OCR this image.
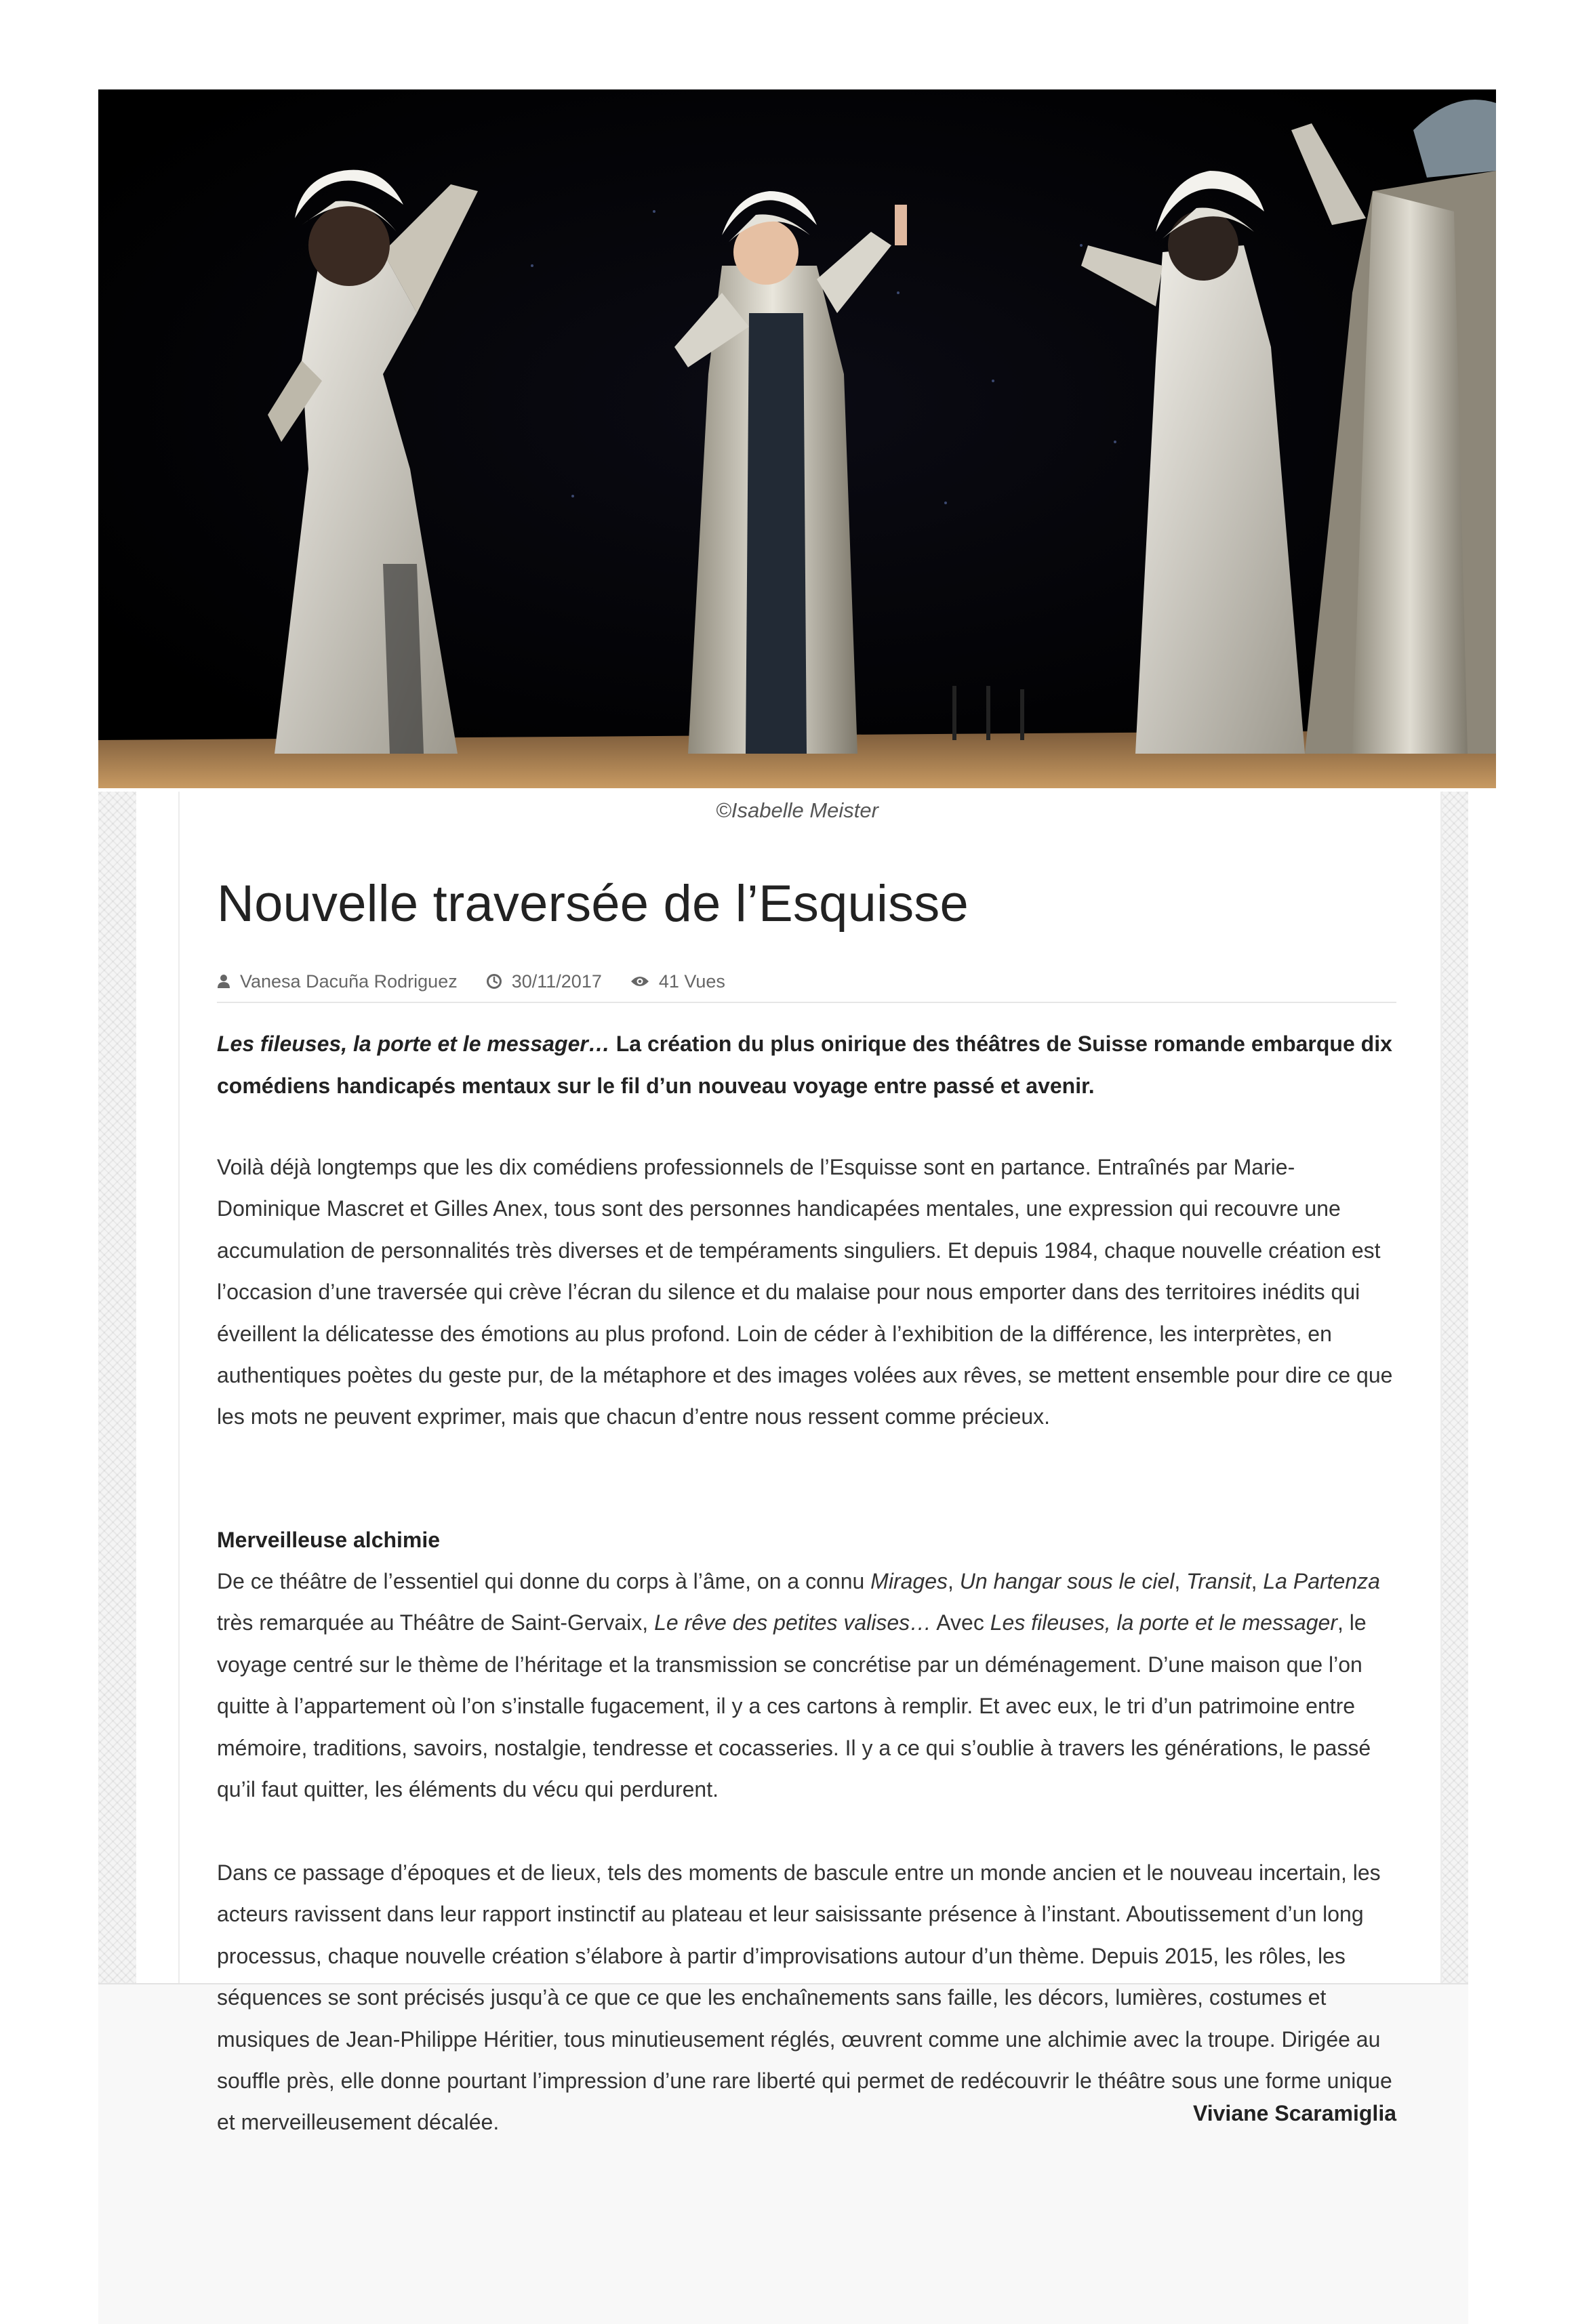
©Isabelle Meister
Nouvelle traversée de l’Esquisse
Vanesa Dacuña Rodriguez	30/11/2017	41 Vues

Les fileuses, la porte et le messager… La création du plus onirique des théâtres de Suisse romande embarque dix comédiens handicapés mentaux sur le fil d’un nouveau voyage entre passé et avenir.

Voilà déjà longtemps que les dix comédiens professionnels de l’Esquisse sont en partance. Entraînés par Marie-Dominique Mascret et Gilles Anex, tous sont des personnes handicapées mentales, une expression qui recouvre une accumulation de personnalités très diverses et de tempéraments singuliers. Et depuis 1984, chaque nouvelle création est l’occasion d’une traversée qui crève l’écran du silence et du malaise pour nous emporter dans des territoires inédits qui éveillent la délicatesse des émotions au plus profond. Loin de céder à l’exhibition de la différence, les interprètes, en authentiques poètes du geste pur, de la métaphore et des images volées aux rêves, se mettent ensemble pour dire ce que les mots ne peuvent exprimer, mais que chacun d’entre nous ressent comme précieux.

Merveilleuse alchimie

De ce théâtre de l’essentiel qui donne du corps à l’âme, on a connu Mirages, Un hangar sous le ciel, Transit, La Partenza très remarquée au Théâtre de Saint-Gervaix, Le rêve des petites valises… Avec Les fileuses, la porte et le messager, le voyage centré sur le thème de l’héritage et la transmission se concrétise par un déménagement. D’une maison que l’on quitte à l’appartement où l’on s’installe fugacement, il y a ces cartons à remplir. Et avec eux, le tri d’un patrimoine entre mémoire, traditions, savoirs, nostalgie, tendresse et cocasseries. Il y a ce qui s’oublie à travers les générations, le passé qu’il faut quitter, les éléments du vécu qui perdurent.

Dans ce passage d’époques et de lieux, tels des moments de bascule entre un monde ancien et le nouveau incertain, les acteurs ravissent dans leur rapport instinctif au plateau et leur saisissante présence à l’instant. Aboutissement d’un long processus, chaque nouvelle création s’élabore à partir d’improvisations autour d’un thème. Depuis 2015, les rôles, les séquences se sont précisés jusqu’à ce que ce que les enchaînements sans faille, les décors, lumières, costumes et musiques de Jean-Philippe Héritier, tous minutieusement réglés, œuvrent comme une alchimie avec la troupe. Dirigée au souffle près, elle donne pourtant l’impression d’une rare liberté qui permet de redécouvrir le théâtre sous une forme unique et merveilleusement décalée.	Viviane Scaramiglia
